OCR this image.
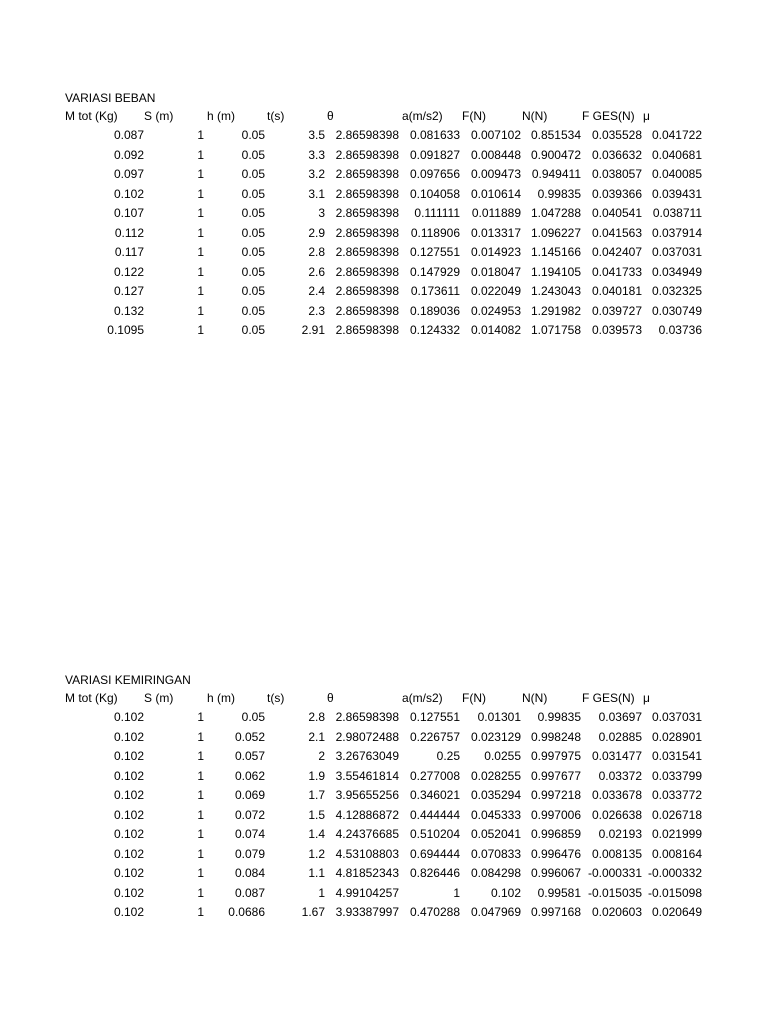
VARIASI BEBAN
M tot (Kg) S (m)	h (m)	t(s)	θ	a(m/s2) F(N)	N(N)	F GES(N) μ
0.087	1	0.05	3.5 2.86598398 0.081633 0.007102 0.851534 0.035528 0.041722
0.092	1	0.05	3.3 2.86598398 0.091827 0.008448 0.900472 0.036632 0.040681
0.097	1	0.05	3.2 2.86598398 0.097656 0.009473 0.949411 0.038057 0.040085
0.102	1	0.05	3.1 2.86598398 0.104058 0.010614	0.99835 0.039366 0.039431
0.107	1	0.05	3 2.86598398	0.111111 0.011889 1.047288 0.040541 0.038711
0.112	1	0.05	2.9 2.86598398 0.118906 0.013317 1.096227 0.041563 0.037914
0.117	1	0.05	2.8 2.86598398 0.127551 0.014923 1.145166 0.042407 0.037031
0.122	1	0.05	2.6 2.86598398 0.147929 0.018047 1.194105 0.041733 0.034949
0.127	1	0.05	2.4 2.86598398 0.173611 0.022049 1.243043 0.040181 0.032325
0.132	1	0.05	2.3 2.86598398 0.189036 0.024953 1.291982 0.039727 0.030749
0.1095	1	0.05	2.91 2.86598398 0.124332 0.014082 1.071758 0.039573	0.03736
VARIASI KEMIRINGAN
M tot (Kg) S (m)	h (m)	t(s)	θ	a(m/s2) F(N)	N(N)	F GES(N) μ
0.102	1	0.05	2.8 2.86598398 0.127551	0.01301	0.99835	0.03697 0.037031
0.102	1	0.052	2.1 2.98072488 0.226757 0.023129 0.998248	0.02885 0.028901
0.102	1	0.057	2 3.26763049	0.25	0.0255 0.997975 0.031477 0.031541
0.102	1	0.062	1.9 3.55461814 0.277008 0.028255 0.997677	0.03372 0.033799
0.102	1	0.069	1.7 3.95655256 0.346021 0.035294 0.997218 0.033678 0.033772
0.102	1	0.072	1.5 4.12886872 0.444444 0.045333 0.997006 0.026638 0.026718
0.102	1	0.074	1.4 4.24376685 0.510204 0.052041 0.996859	0.02193 0.021999
0.102	1	0.079	1.2 4.53108803 0.694444 0.070833 0.996476 0.008135 0.008164
0.102	1	0.084	1.1 4.81852343 0.826446 0.084298 0.996067 -0.000331 -0.000332
0.102	1	0.087	1 4.99104257	1	0.102	0.99581 -0.015035 -0.015098
0.102	1	0.0686	1.67 3.93387997 0.470288 0.047969 0.997168 0.020603 0.020649
